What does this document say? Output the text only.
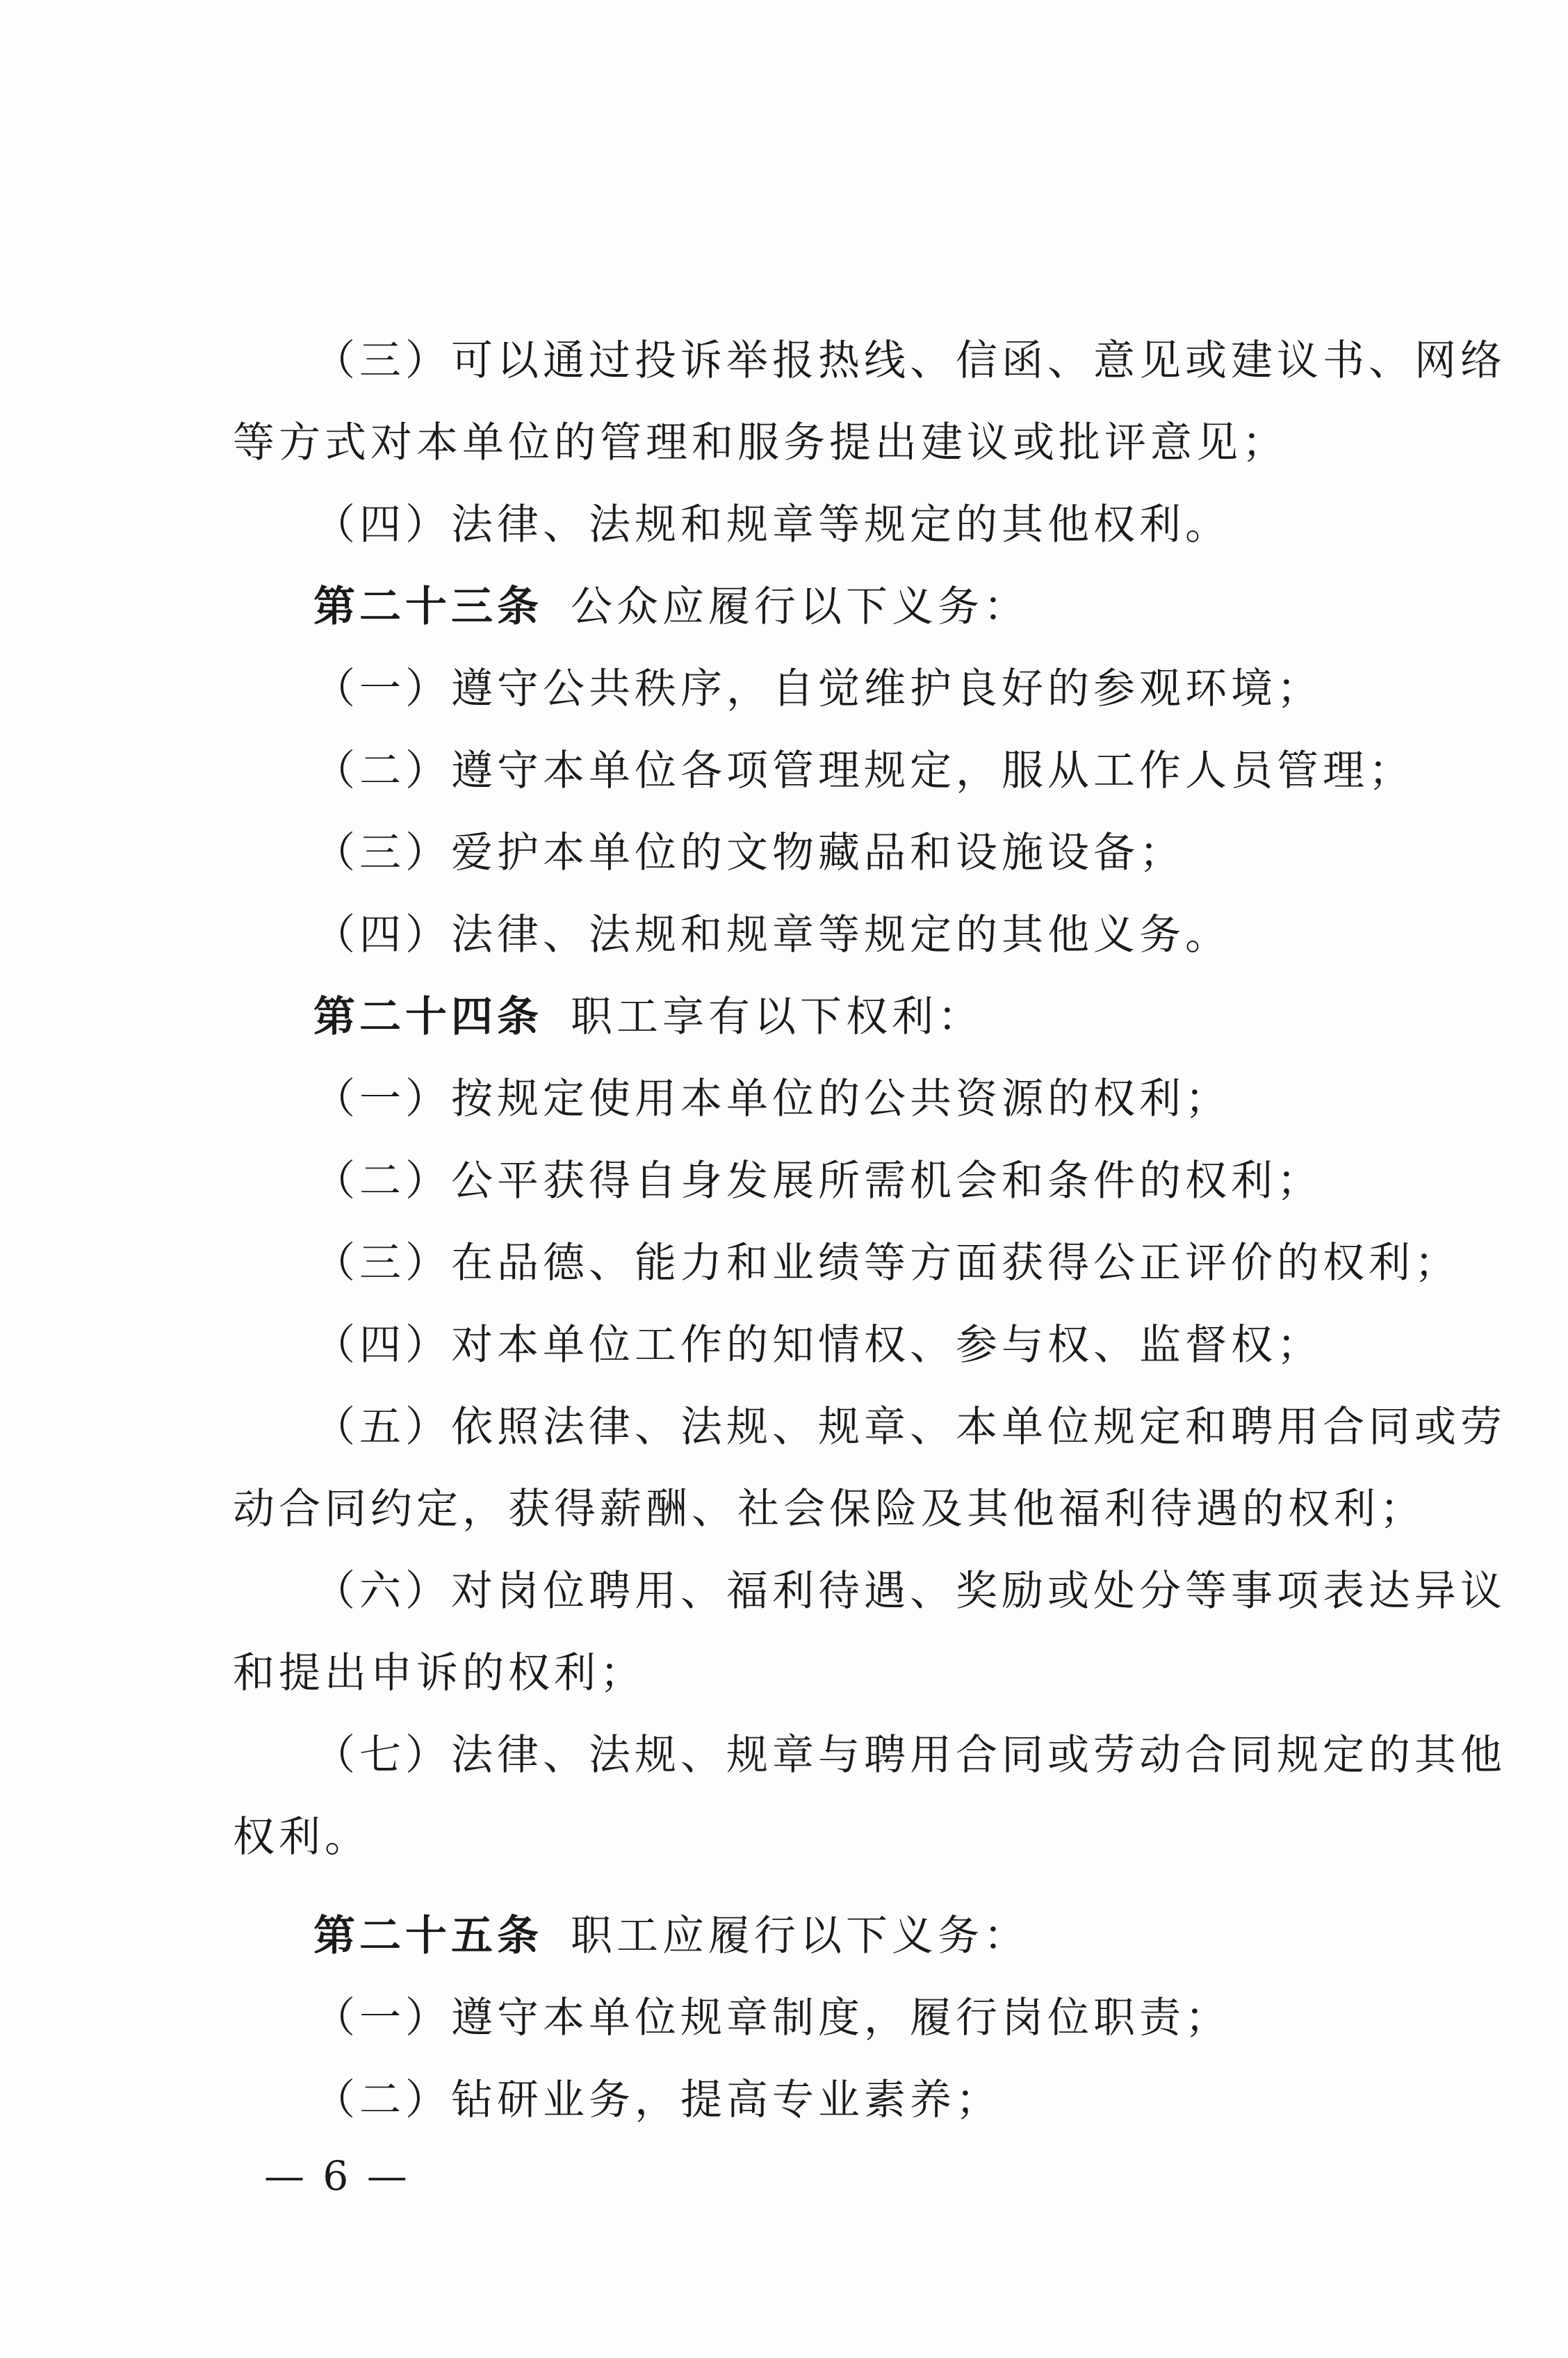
（三）可以通过投诉举报热线、信函、意见或建议书、网络
等方式对本单位的管理和服务提出建议或批评意见；
（四）法律、法规和规章等规定的其他权利。
第二十三条 公众应履行以下义务：
（一）遵守公共秩序，自觉维护良好的参观环境；
（二）遵守本单位各项管理规定，服从工作人员管理；
（三）爱护本单位的文物藏品和设施设备；
（四）法律、法规和规章等规定的其他义务。
第二十四条 职工享有以下权利：
（一）按规定使用本单位的公共资源的权利；
（二）公平获得自身发展所需机会和条件的权利；
（三）在品德、能力和业绩等方面获得公正评价的权利；
（四）对本单位工作的知情权、参与权、监督权；
（五）依照法律、法规、规章、本单位规定和聘用合同或劳
动合同约定，获得薪酬、社会保险及其他福利待遇的权利；
（六）对岗位聘用、福利待遇、奖励或处分等事项表达异议
和提出申诉的权利；
（七）法律、法规、规章与聘用合同或劳动合同规定的其他
权利。
第二十五条 职工应履行以下义务：
（一）遵守本单位规章制度，履行岗位职责；
（二）钻研业务，提高专业素养；
— 6 —
